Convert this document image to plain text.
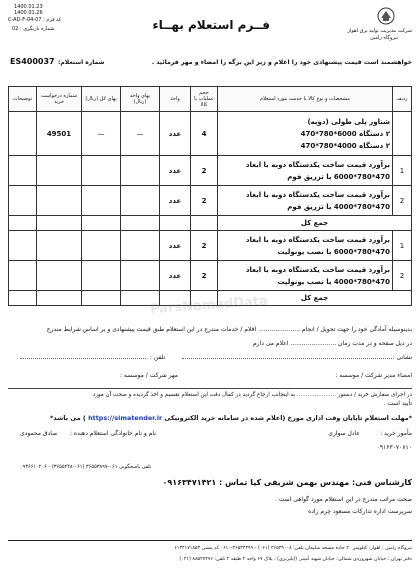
شرکت مدیریت تولید برق اهواز
نیروگاه رامین
فــرم استعلام بهــاء
1400.01.23
1400.01.26
کد فرم : C-AD-F-04-07
شماره بازنگری : 02
خواهشمند است قیمت پیشنهادی خود را اعلام و زیر این برگه را امضاء و مهر فرمائید .
شماره استعلام:
ES400037
ردیف	مشخصات و نوع کالا یا خدمت مورد استعلام	حجم عملیات یا کالا	واحد	بهای واحد (ریال)	بهای کل (ریال)	شماره درخواست خرید	توضیحات

	شناور پلی طولی (دوبه)
۲ دستگاه 6000*780*470
۲ دستگاه 4000*780*470	4	عدد	—	—	49501	
1	برآورد قیمت ساخت یکدستگاه دوبه با ابعاد
470*780*6000 با تزریق فوم	2	عدد				
2	برآورد قیمت ساخت یکدستگاه دوبه با ابعاد
470*780*4000 با تزریق فوم	2	عدد				
جمع کل							
1	برآورد قیمت ساخت یکدستگاه دوبه با ابعاد
470*780*6000 با نصب یونولیت	2	عدد				
2	برآورد قیمت ساخت یکدستگاه دوبه با ابعاد
470*780*4000 با نصب یونولیت	2	عدد				
جمع کل							
ParsNamadData
بدینوسیله آمادگی خود را جهت تحویل / انجام ...................... اقلام / خدمات مندرج در این استعلام طبق قیمت پیشنهادی و بر اساس شرایط مندرج
در ذیل صفحه و در مدت زمان ........................ اعلام می دارم
نشانی :
تلفن :
امضاء مدیر شرکت / موسسه :
مهر شرکت / موسسه :
در اجرای سفارش خرید / دستور ...................... به اینجانب ارجاع گردید در کمال دقت این استعلام تقسیم و اخذ گردیده و صحت آن مورد
تأیید است .
*مهلت استعلام تاپایان وقت اداری مورخ (اعلام شده در سامانه خرید الکترونیکی https://simatender.ir ) می باشد*
مأمور خرید :
عادل سواری
۰۹۱۶۳۰۷۰۸۱۰
نام و نام خانوادگی استعلام دهنده :
صادق محمودی
تلفن پاسخگویی ۰۶۱-۳۶۵۵۳۸۹۷ (۰۶۱-۳۶۵۵۲۴۸) - ۰۹۳۶۶۱۰۲۰۶
کارشناس فنی: مهندس بهمن شریفی کیا تماس : ۰۹۱۶۳۴۷۱۴۲۱
صحت مراتب مندرج در این استعلام مورد گواهی است .
سرپرست اداره تدارکات مسعود چرم زاده
نیروگاه رامین : اهواز: کیلومتر ۲۰ جاده مسجد سلیمان تلفن: ۳۶۵۳۹۰۰۸ (۰۶۱) - ۳۶۵۳۴۳۹۹-۰۶۱۰ کد پستی ۶۱۳۴۱۷۱۸۵۳
دفتر تهران : خیابان شهروردی شمالی: خیابان شهید آمینی (اپلیرنزی) ، پلاک ۶۷ واحد ۲ طبقه ۲ تلفن: ۸۸۵۲۷۴۷۶ (۰۲۱)
